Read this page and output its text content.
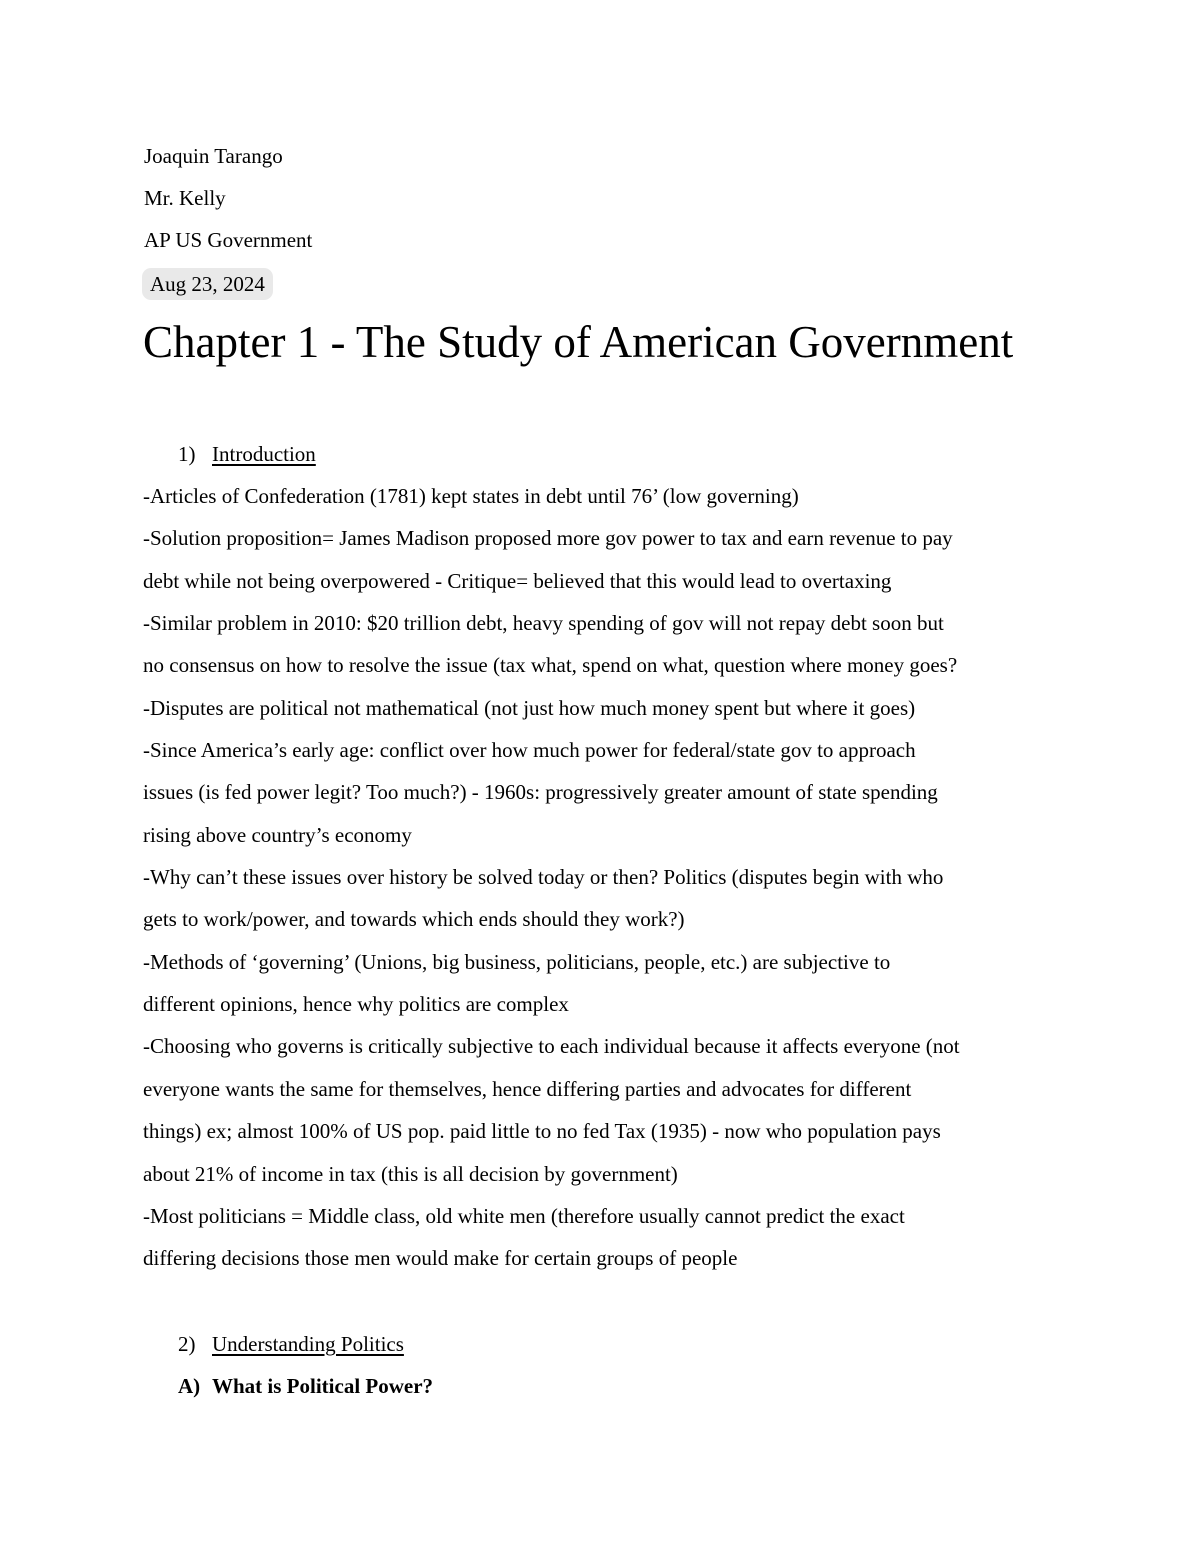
Joaquin Tarango
Mr. Kelly
AP US Government
Aug 23, 2024
Chapter 1 - The Study of American Government
1) Introduction
-Articles of Confederation (1781) kept states in debt until 76’ (low governing)
-Solution proposition= James Madison proposed more gov power to tax and earn revenue to pay
debt while not being overpowered - Critique= believed that this would lead to overtaxing
-Similar problem in 2010: $20 trillion debt, heavy spending of gov will not repay debt soon but
no consensus on how to resolve the issue (tax what, spend on what, question where money goes?
-Disputes are political not mathematical (not just how much money spent but where it goes)
-Since America’s early age: conflict over how much power for federal/state gov to approach
issues (is fed power legit? Too much?) - 1960s: progressively greater amount of state spending
rising above country’s economy
-Why can’t these issues over history be solved today or then? Politics (disputes begin with who
gets to work/power, and towards which ends should they work?)
-Methods of ‘governing’ (Unions, big business, politicians, people, etc.) are subjective to
different opinions, hence why politics are complex
-Choosing who governs is critically subjective to each individual because it affects everyone (not
everyone wants the same for themselves, hence differing parties and advocates for different
things) ex; almost 100% of US pop. paid little to no fed Tax (1935) - now who population pays
about 21% of income in tax (this is all decision by government)
-Most politicians = Middle class, old white men (therefore usually cannot predict the exact
differing decisions those men would make for certain groups of people
2) Understanding Politics
A) What is Political Power?
